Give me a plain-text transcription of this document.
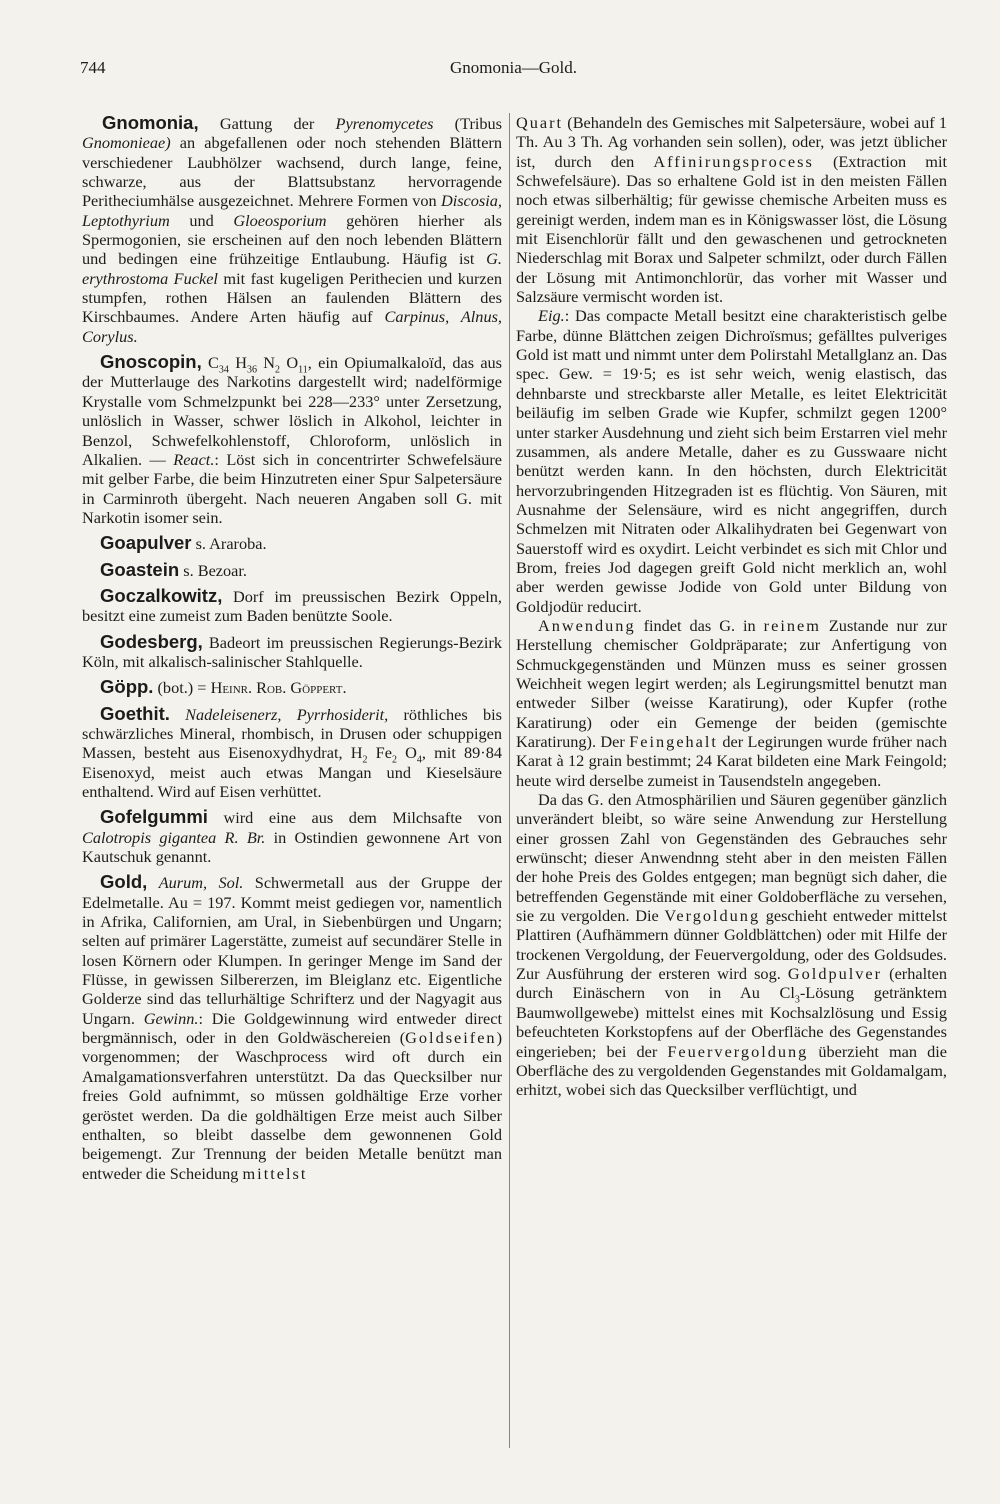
744	Gnomonia—Gold.

Gnomonia, Gattung der Pyrenomycetes (Tribus Gnomonieae) an abgefallenen oder noch stehenden Blättern verschiedener Laubhölzer wachsend, durch lange, feine, schwarze, aus der Blattsubstanz hervorragende Peritheciumhälse ausgezeichnet. Mehrere Formen von Discosia, Leptothyrium und Gloeosporium gehören hierher als Spermogonien, sie erscheinen auf den noch lebenden Blättern und bedingen eine frühzeitige Entlaubung. Häufig ist G. erythrostoma Fuckel mit fast kugeligen Perithecien und kurzen stumpfen, rothen Hälsen an faulenden Blättern des Kirschbaumes. Andere Arten häufig auf Carpinus, Alnus, Corylus.

Gnoscopin, $C_{34}$ $H_{36}$ $N_2$ $O_{11}$, ein Opiumalkaloïd, das aus der Mutterlauge des Narkotins dargestellt wird; nadelförmige Krystalle vom Schmelzpunkt bei 228—233° unter Zersetzung, unlöslich in Wasser, schwer löslich in Alkohol, leichter in Benzol, Schwefelkohlenstoff, Chloroform, unlöslich in Alkalien. — React.: Löst sich in concentrirter Schwefelsäure mit gelber Farbe, die beim Hinzutreten einer Spur Salpetersäure in Carminroth übergeht. Nach neueren Angaben soll G. mit Narkotin isomer sein.

Goapulver s. Araroba.

Goastein s. Bezoar.

Goczalkowitz, Dorf im preussischen Bezirk Oppeln, besitzt eine zumeist zum Baden benützte Soole.

Godesberg, Badeort im preussischen Regierungs-Bezirk Köln, mit alkalisch-salinischer Stahlquelle.

Göpp. (bot.) = Heinr. Rob. Göppert.

Goethit. Nadeleisenerz, Pyrrhosiderit, röthliches bis schwärzliches Mineral, rhombisch, in Drusen oder schuppigen Massen, besteht aus Eisenoxydhydrat, $H_2$ $Fe_2$ $O_4$, mit 89·84 Eisenoxyd, meist auch etwas Mangan und Kieselsäure enthaltend. Wird auf Eisen verhüttet.

Gofelgummi wird eine aus dem Milchsafte von Calotropis gigantea R. Br. in Ostindien gewonnene Art von Kautschuk genannt.

Gold, Aurum, Sol. Schwermetall aus der Gruppe der Edelmetalle. Au = 197. Kommt meist gediegen vor, namentlich in Afrika, Californien, am Ural, in Siebenbürgen und Ungarn; selten auf primärer Lagerstätte, zumeist auf secundärer Stelle in losen Körnern oder Klumpen. In geringer Menge im Sand der Flüsse, in gewissen Silbererzen, im Bleiglanz etc. Eigentliche Golderze sind das tellurhältige Schrifterz und der Nagyagit aus Ungarn. Gewinn.: Die Goldgewinnung wird entweder direct bergmännisch, oder in den Goldwäschereien (Goldseifen) vorgenommen; der Waschprocess wird oft durch ein Amalgamationsverfahren unterstützt. Da das Quecksilber nur freies Gold aufnimmt, so müssen goldhältige Erze vorher geröstet werden. Da die goldhältigen Erze meist auch Silber enthalten, so bleibt dasselbe dem gewonnenen Gold beigemengt. Zur Trennung der beiden Metalle benützt man entweder die Scheidung mittelst

Quart (Behandeln des Gemisches mit Salpetersäure, wobei auf 1 Th. Au 3 Th. Ag vorhanden sein sollen), oder, was jetzt üblicher ist, durch den Affinirungsprocess (Extraction mit Schwefelsäure). Das so erhaltene Gold ist in den meisten Fällen noch etwas silberhältig; für gewisse chemische Arbeiten muss es gereinigt werden, indem man es in Königswasser löst, die Lösung mit Eisenchlorür fällt und den gewaschenen und getrockneten Niederschlag mit Borax und Salpeter schmilzt, oder durch Fällen der Lösung mit Antimonchlorür, das vorher mit Wasser und Salzsäure vermischt worden ist.

Eig.: Das compacte Metall besitzt eine charakteristisch gelbe Farbe, dünne Blättchen zeigen Dichroïsmus; gefälltes pulveriges Gold ist matt und nimmt unter dem Polirstahl Metallglanz an. Das spec. Gew. = 19·5; es ist sehr weich, wenig elastisch, das dehnbarste und streckbarste aller Metalle, es leitet Elektricität beiläufig im selben Grade wie Kupfer, schmilzt gegen 1200° unter starker Ausdehnung und zieht sich beim Erstarren viel mehr zusammen, als andere Metalle, daher es zu Gusswaare nicht benützt werden kann. In den höchsten, durch Elektricität hervorzubringenden Hitzegraden ist es flüchtig. Von Säuren, mit Ausnahme der Selensäure, wird es nicht angegriffen, durch Schmelzen mit Nitraten oder Alkalihydraten bei Gegenwart von Sauerstoff wird es oxydirt. Leicht verbindet es sich mit Chlor und Brom, freies Jod dagegen greift Gold nicht merklich an, wohl aber werden gewisse Jodide von Gold unter Bildung von Goldjodür reducirt.

Anwendung findet das G. in reinem Zustande nur zur Herstellung chemischer Goldpräparate; zur Anfertigung von Schmuckgegenständen und Münzen muss es seiner grossen Weichheit wegen legirt werden; als Legirungsmittel benutzt man entweder Silber (weisse Karatirung), oder Kupfer (rothe Karatirung) oder ein Gemenge der beiden (gemischte Karatirung). Der Feingehalt der Legirungen wurde früher nach Karat à 12 grain bestimmt; 24 Karat bildeten eine Mark Feingold; heute wird derselbe zumeist in Tausendsteln angegeben.

Da das G. den Atmosphärilien und Säuren gegenüber gänzlich unverändert bleibt, so wäre seine Anwendung zur Herstellung einer grossen Zahl von Gegenständen des Gebrauches sehr erwünscht; dieser Anwendnng steht aber in den meisten Fällen der hohe Preis des Goldes entgegen; man begnügt sich daher, die betreffenden Gegenstände mit einer Goldoberfläche zu versehen, sie zu vergolden. Die Vergoldung geschieht entweder mittelst Plattiren (Aufhämmern dünner Goldblättchen) oder mit Hilfe der trockenen Vergoldung, der Feuervergoldung, oder des Goldsudes. Zur Ausführung der ersteren wird sog. Goldpulver (erhalten durch Einäschern von in Au $Cl_3$-Lösung getränktem Baumwollgewebe) mittelst eines mit Kochsalzlösung und Essig befeuchteten Korkstopfens auf der Oberfläche des Gegenstandes eingerieben; bei der Feuervergoldung überzieht man die Oberfläche des zu vergoldenden Gegenstandes mit Goldamalgam, erhitzt, wobei sich das Quecksilber verflüchtigt, und
